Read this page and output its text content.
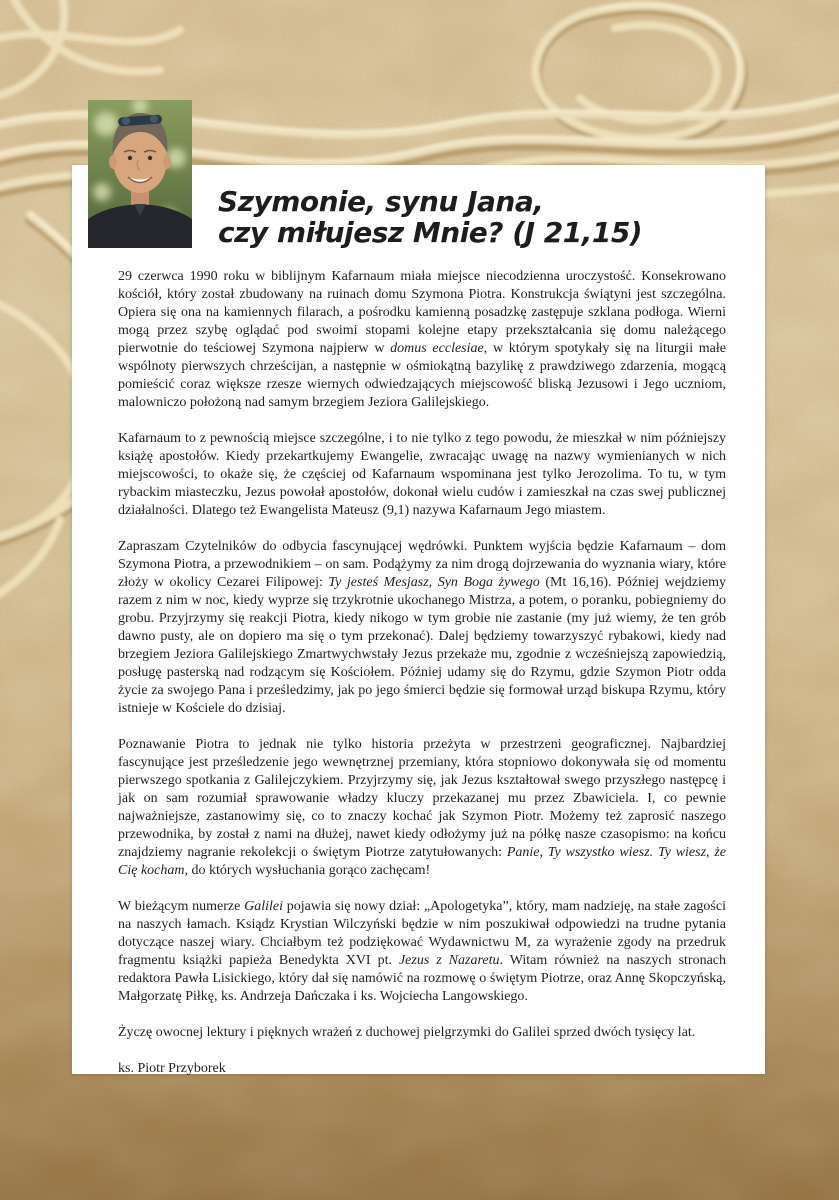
Szymonie, synu Jana,
czy miłujesz Mnie? (J 21,15)

29 czerwca 1990 roku w biblijnym Kafarnaum miała miejsce niecodzienna uroczystość. Konsekrowano kościół, który został zbudowany na ruinach domu Szymona Piotra. Konstrukcja świątyni jest szczególna. Opiera się ona na kamiennych filarach, a pośrodku kamienną posadzkę zastępuje szklana podłoga. Wierni mogą przez szybę oglądać pod swoimi stopami kolejne etapy przekształcania się domu należącego pierwotnie do teściowej Szymona najpierw w domus ecclesiae, w którym spotykały się na liturgii małe wspólnoty pierwszych chrześcijan, a następnie w ośmiokątną bazylikę z prawdziwego zdarzenia, mogącą pomieścić coraz większe rzesze wiernych odwiedzających miejscowość bliską Jezusowi i Jego uczniom, malowniczo położoną nad samym brzegiem Jeziora Galilejskiego.

Kafarnaum to z pewnością miejsce szczególne, i to nie tylko z tego powodu, że mieszkał w nim późniejszy książę apostołów. Kiedy przekartkujemy Ewangelie, zwracając uwagę na nazwy wymienianych w nich miejscowości, to okaże się, że częściej od Kafarnaum wspominana jest tylko Jerozolima. To tu, w tym rybackim miasteczku, Jezus powołał apostołów, dokonał wielu cudów i zamieszkał na czas swej publicznej działalności. Dlatego też Ewangelista Mateusz (9,1) nazywa Kafarnaum Jego miastem.

Zapraszam Czytelników do odbycia fascynującej wędrówki. Punktem wyjścia będzie Kafarnaum – dom Szymona Piotra, a przewodnikiem – on sam. Podążymy za nim drogą dojrzewania do wyznania wiary, które złoży w okolicy Cezarei Filipowej: Ty jesteś Mesjasz, Syn Boga żywego (Mt 16,16). Później wejdziemy razem z nim w noc, kiedy wyprze się trzykrotnie ukochanego Mistrza, a potem, o poranku, pobiegniemy do grobu. Przyjrzymy się reakcji Piotra, kiedy nikogo w tym grobie nie zastanie (my już wiemy, że ten grób dawno pusty, ale on dopiero ma się o tym przekonać). Dalej będziemy towarzyszyć rybakowi, kiedy nad brzegiem Jeziora Galilejskiego Zmartwychwstały Jezus przekaże mu, zgodnie z wcześniejszą zapowiedzią, posługę pasterską nad rodzącym się Kościołem. Później udamy się do Rzymu, gdzie Szymon Piotr odda życie za swojego Pana i prześledzimy, jak po jego śmierci będzie się formował urząd biskupa Rzymu, który istnieje w Kościele do dzisiaj.

Poznawanie Piotra to jednak nie tylko historia przeżyta w przestrzeni geograficznej. Najbardziej fascynujące jest prześledzenie jego wewnętrznej przemiany, która stopniowo dokonywała się od momentu pierwszego spotkania z Galilejczykiem. Przyjrzymy się, jak Jezus kształtował swego przyszłego następcę i jak on sam rozumiał sprawowanie władzy kluczy przekazanej mu przez Zbawiciela. I, co pewnie najważniejsze, zastanowimy się, co to znaczy kochać jak Szymon Piotr. Możemy też zaprosić naszego przewodnika, by został z nami na dłużej, nawet kiedy odłożymy już na półkę nasze czasopismo: na końcu znajdziemy nagranie rekolekcji o świętym Piotrze zatytułowanych: Panie, Ty wszystko wiesz. Ty wiesz, że Cię kocham, do których wysłuchania gorąco zachęcam!

W bieżącym numerze Galilei pojawia się nowy dział: „Apologetyka”, który, mam nadzieję, na stałe zagości na naszych łamach. Ksiądz Krystian Wilczyński będzie w nim poszukiwał odpowiedzi na trudne pytania dotyczące naszej wiary. Chciałbym też podziękować Wydawnictwu M, za wyrażenie zgody na przedruk fragmentu książki papieża Benedykta XVI pt. Jezus z Nazaretu. Witam również na naszych stronach redaktora Pawła Lisickiego, który dał się namówić na rozmowę o świętym Piotrze, oraz Annę Skopczyńską, Małgorzatę Piłkę, ks. Andrzeja Dańczaka i ks. Wojciecha Langowskiego.

Życzę owocnej lektury i pięknych wrażeń z duchowej pielgrzymki do Galilei sprzed dwóch tysięcy lat.

ks. Piotr Przyborek
